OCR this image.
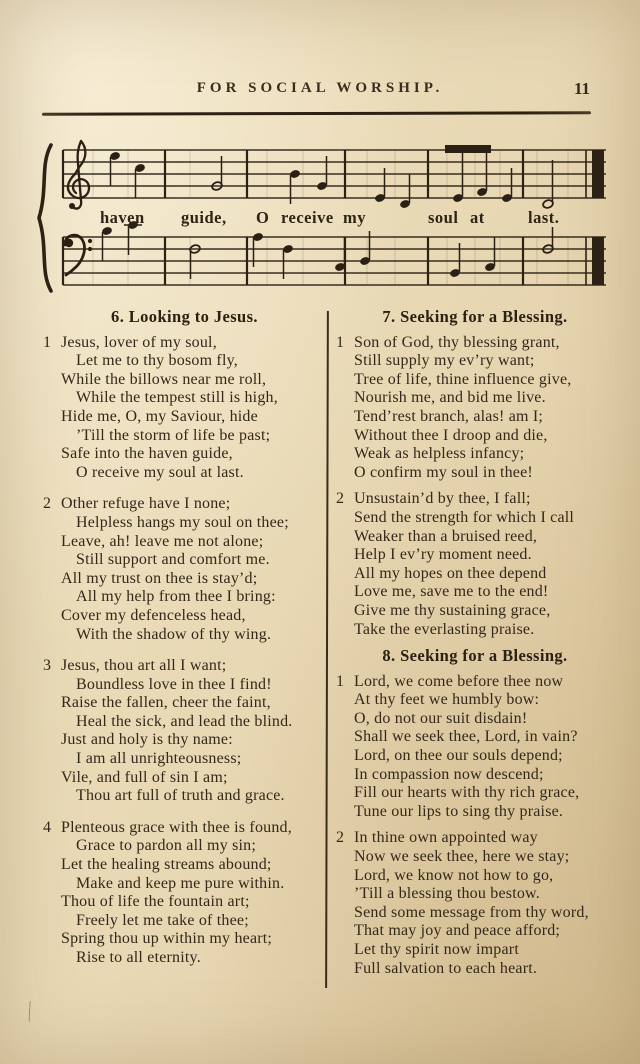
FOR SOCIAL WORSHIP.	11
haven guide, O receive my	soul at	last.
6. Looking to Jesus.
1 Jesus, lover of my soul,
Let me to thy bosom fly,
While the billows near me roll,
While the tempest still is high,
Hide me, O, my Saviour, hide
’Till the storm of life be past;
Safe into the haven guide,
O receive my soul at last.
2 Other refuge have I none;
Helpless hangs my soul on thee;
Leave, ah! leave me not alone;
Still support and comfort me.
All my trust on thee is stay’d;
All my help from thee I bring:
Cover my defenceless head,
With the shadow of thy wing.
3 Jesus, thou art all I want;
Boundless love in thee I find!
Raise the fallen, cheer the faint,
Heal the sick, and lead the blind.
Just and holy is thy name:
I am all unrighteousness;
Vile, and full of sin I am;
Thou art full of truth and grace.
4 Plenteous grace with thee is found,
Grace to pardon all my sin;
Let the healing streams abound;
Make and keep me pure within.
Thou of life the fountain art;
Freely let me take of thee;
Spring thou up within my heart;
Rise to all eternity.
7. Seeking for a Blessing.
1 Son of God, thy blessing grant,
Still supply my ev’ry want;
Tree of life, thine influence give,
Nourish me, and bid me live.
Tend’rest branch, alas! am I;
Without thee I droop and die,
Weak as helpless infancy;
O confirm my soul in thee!
2 Unsustain’d by thee, I fall;
Send the strength for which I call
Weaker than a bruised reed,
Help I ev’ry moment need.
All my hopes on thee depend
Love me, save me to the end!
Give me thy sustaining grace,
Take the everlasting praise.
8. Seeking for a Blessing.
1 Lord, we come before thee now
At thy feet we humbly bow:
O, do not our suit disdain!
Shall we seek thee, Lord, in vain?
Lord, on thee our souls depend;
In compassion now descend;
Fill our hearts with thy rich grace,
Tune our lips to sing thy praise.
2 In thine own appointed way
Now we seek thee, here we stay;
Lord, we know not how to go,
’Till a blessing thou bestow.
Send some message from thy word,
That may joy and peace afford;
Let thy spirit now impart
Full salvation to each heart.
